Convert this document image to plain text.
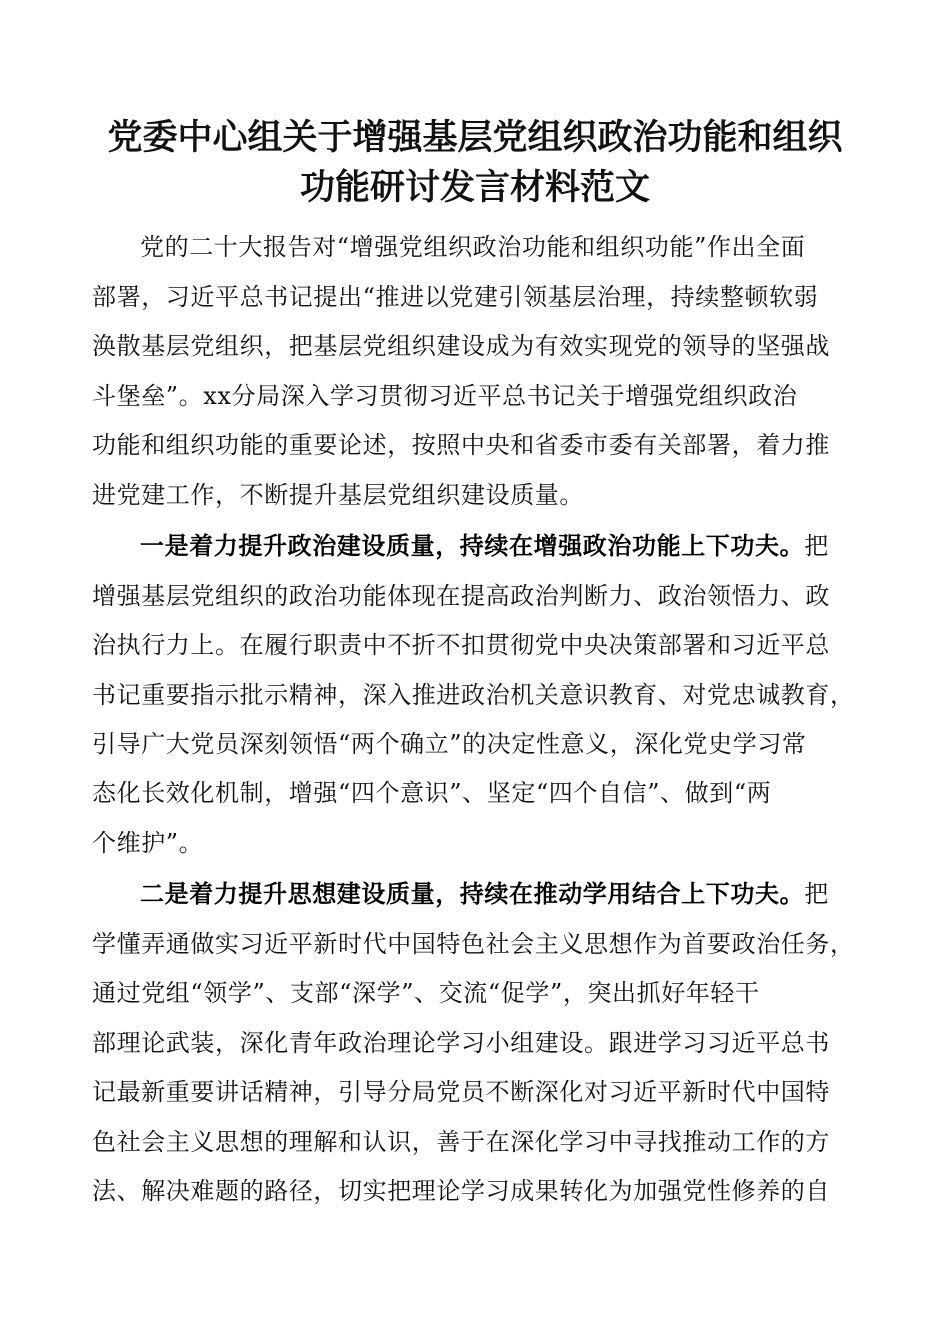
党委中心组关于增强基层党组织政治功能和组织
功能研讨发言材料范文
党的二十大报告对“增强党组织政治功能和组织功能”作出全面
部署，习近平总书记提出“推进以党建引领基层治理，持续整顿软弱
涣散基层党组织，把基层党组织建设成为有效实现党的领导的坚强战
斗堡垒”。xx分局深入学习贯彻习近平总书记关于增强党组织政治
功能和组织功能的重要论述，按照中央和省委市委有关部署，着力推
进党建工作，不断提升基层党组织建设质量。
一是着力提升政治建设质量，持续在增强政治功能上下功夫。把
增强基层党组织的政治功能体现在提高政治判断力、政治领悟力、政
治执行力上。在履行职责中不折不扣贯彻党中央决策部署和习近平总
书记重要指示批示精神，深入推进政治机关意识教育、对党忠诚教育，
引导广大党员深刻领悟“两个确立”的决定性意义，深化党史学习常
态化长效化机制，增强“四个意识”、坚定“四个自信”、做到“两
个维护”。
二是着力提升思想建设质量，持续在推动学用结合上下功夫。把
学懂弄通做实习近平新时代中国特色社会主义思想作为首要政治任务，
通过党组“领学”、支部“深学”、交流“促学”，突出抓好年轻干
部理论武装，深化青年政治理论学习小组建设。跟进学习习近平总书
记最新重要讲话精神，引导分局党员不断深化对习近平新时代中国特
色社会主义思想的理解和认识，善于在深化学习中寻找推动工作的方
法、解决难题的路径，切实把理论学习成果转化为加强党性修养的自
